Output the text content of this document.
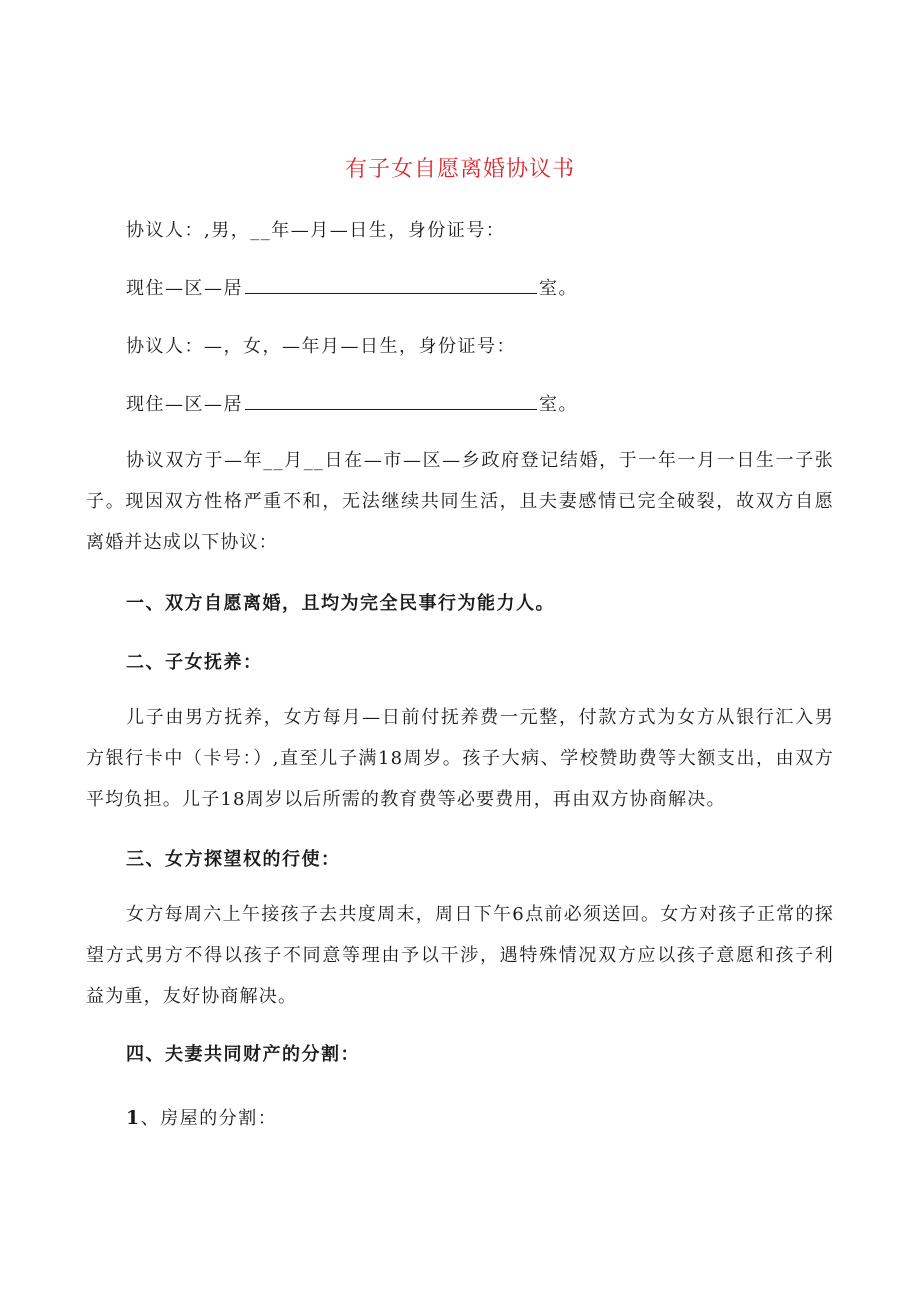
有子女自愿离婚协议书

协议人：,男，__年—月—日生，身份证号：

现住—区—居	室。

协议人：—，女，—年月—日生，身份证号：

现住—区—居	室。

协议双方于—年__月__日在—市—区—乡政府登记结婚，于一年一月一日生一子张子。现因双方性格严重不和，无法继续共同生活，且夫妻感情已完全破裂，故双方自愿离婚并达成以下协议：

一、双方自愿离婚，且均为完全民事行为能力人。

二、子女抚养：

儿子由男方抚养，女方每月—日前付抚养费一元整，付款方式为女方从银行汇入男方银行卡中（卡号：）,直至儿子满18周岁。孩子大病、学校赞助费等大额支出，由双方平均负担。儿子18周岁以后所需的教育费等必要费用，再由双方协商解决。

三、女方探望权的行使：

女方每周六上午接孩子去共度周末，周日下午6点前必须送回。女方对孩子正常的探望方式男方不得以孩子不同意等理由予以干涉，遇特殊情况双方应以孩子意愿和孩子利益为重，友好协商解决。

四、夫妻共同财产的分割：

1、房屋的分割：
